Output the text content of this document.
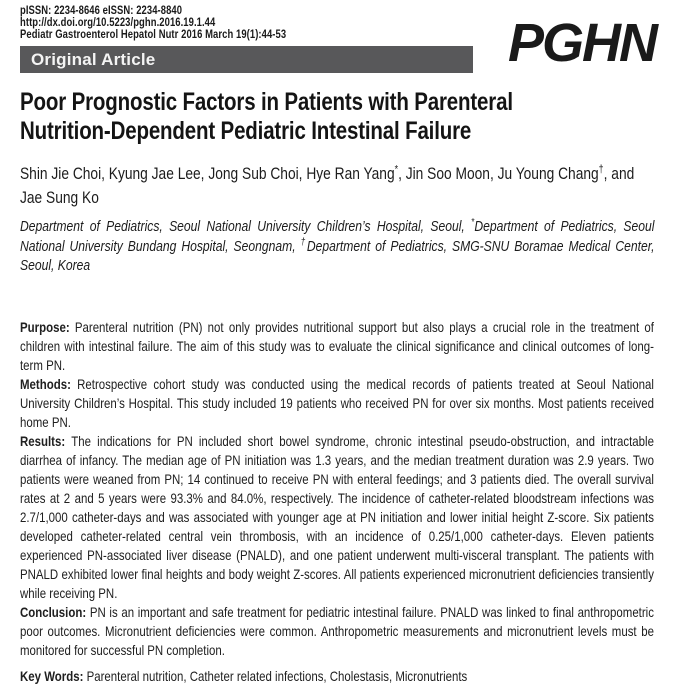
pISSN: 2234-8646 eISSN: 2234-8840
http://dx.doi.org/10.5223/pghn.2016.19.1.44
Pediatr Gastroenterol Hepatol Nutr 2016 March 19(1):44-53
Original Article	PGHN
Poor Prognostic Factors in Patients with Parenteral Nutrition-Dependent Pediatric Intestinal Failure
Shin Jie Choi, Kyung Jae Lee, Jong Sub Choi, Hye Ran Yang*, Jin Soo Moon, Ju Young Chang†, and Jae Sung Ko
Department of Pediatrics, Seoul National University Children’s Hospital, Seoul, *Department of Pediatrics, Seoul National University Bundang Hospital, Seongnam, †Department of Pediatrics, SMG-SNU Boramae Medical Center, Seoul, Korea

Purpose: Parenteral nutrition (PN) not only provides nutritional support but also plays a crucial role in the treatment of children with intestinal failure. The aim of this study was to evaluate the clinical significance and clinical outcomes of long-term PN.

Methods: Retrospective cohort study was conducted using the medical records of patients treated at Seoul National University Children’s Hospital. This study included 19 patients who received PN for over six months. Most patients received home PN.

Results: The indications for PN included short bowel syndrome, chronic intestinal pseudo-obstruction, and intractable diarrhea of infancy. The median age of PN initiation was 1.3 years, and the median treatment duration was 2.9 years. Two patients were weaned from PN; 14 continued to receive PN with enteral feedings; and 3 patients died. The overall survival rates at 2 and 5 years were 93.3% and 84.0%, respectively. The incidence of catheter-related bloodstream infections was 2.7/1,000 catheter-days and was associated with younger age at PN initiation and lower initial height Z-score. Six patients developed catheter-related central vein thrombosis, with an incidence of 0.25/1,000 catheter-days. Eleven patients experienced PN-associated liver disease (PNALD), and one patient underwent multi-visceral transplant. The patients with PNALD exhibited lower final heights and body weight Z-scores. All patients experienced micronutrient deficiencies transiently while receiving PN.

Conclusion: PN is an important and safe treatment for pediatric intestinal failure. PNALD was linked to final anthropometric poor outcomes. Micronutrient deficiencies were common. Anthropometric measurements and micronutrient levels must be monitored for successful PN completion.

Key Words: Parenteral nutrition, Catheter related infections, Cholestasis, Micronutrients
